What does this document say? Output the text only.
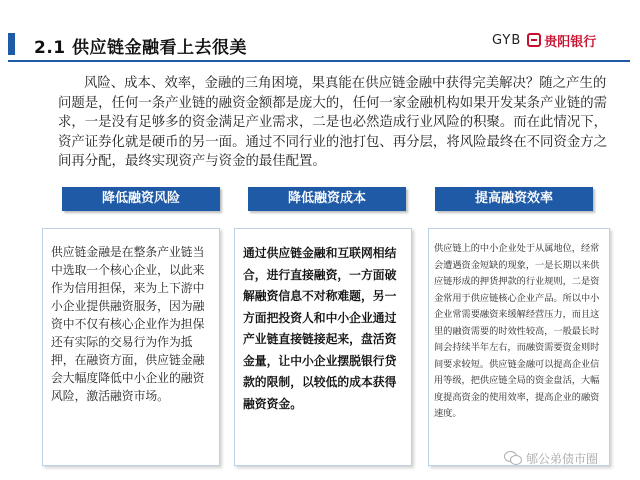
2.1 供应链金融看上去很美	GYB 贵阳银行
风险、成本、效率，金融的三角困境，果真能在供应链金融中获得完美解决？随之产生的问题是，任何一条产业链的融资金额都是庞大的，任何一家金融机构如果开发某条产业链的需求，一是没有足够多的资金满足产业需求，二是也必然造成行业风险的积聚。而在此情况下，资产证券化就是硬币的另一面。通过不同行业的池打包、再分层，将风险最终在不同资金方之间再分配，最终实现资产与资金的最佳配置。
降低融资风险	降低融资成本	提高融资效率
供应链金融是在整条产业链当中选取一个核心企业，以此来作为信用担保，来为上下游中小企业提供融资服务，因为融资中不仅有核心企业作为担保还有实际的交易行为作为抵押，在融资方面，供应链金融会大幅度降低中小企业的融资风险，激活融资市场。
通过供应链金融和互联网相结合，进行直接融资，一方面破解融资信息不对称难题，另一方面把投资人和中小企业通过产业链直接链接起来，盘活资金量，让中小企业摆脱银行贷款的限制，以较低的成本获得融资资金。
供应链上的中小企业处于从属地位，经常会遭遇资金短缺的现象，一是长期以来供应链形成的押货押款的行业规则，二是资金常用于供应链核心企业产品。所以中小企业常需要融资来缓解经营压力，而且这里的融资需要的时效性较高，一般最长时间会持续半年左右，而融资需要资金则时间要求较短。供应链金融可以提高企业信用等级，把供应链全局的资金盘活，大幅度提高资金的使用效率，提高企业的融资速度。
郇公弟债市圈
